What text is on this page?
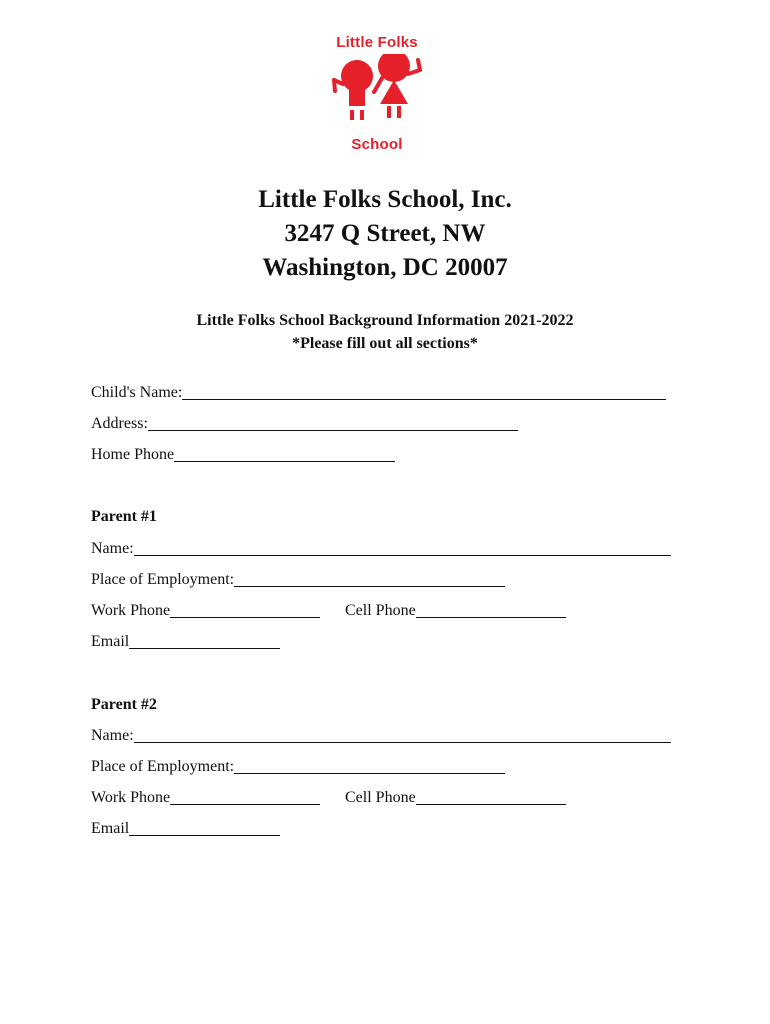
Little Folks
School
Little Folks School, Inc.
3247 Q Street, NW
Washington, DC 20007
Little Folks School Background Information 2021-2022
*Please fill out all sections*
Child's Name:
Address:
Home Phone
Parent #1
Name:
Place of Employment:
Work Phone	Cell Phone
Email
Parent #2
Name:
Place of Employment:
Work Phone	Cell Phone
Email
